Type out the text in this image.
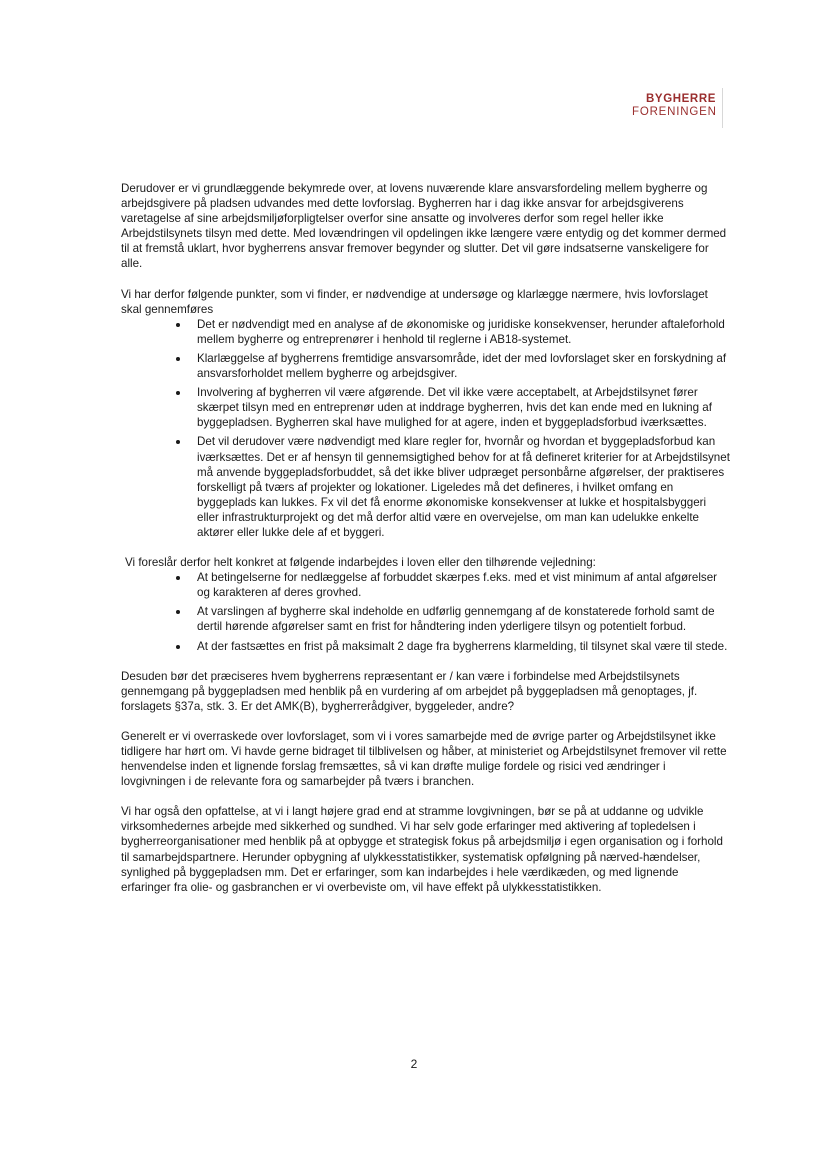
BYGHERRE
FORENINGEN

Derudover er vi grundlæggende bekymrede over, at lovens nuværende klare ansvarsfordeling mellem bygherre og arbejdsgivere på pladsen udvandes med dette lovforslag. Bygherren har i dag ikke ansvar for arbejdsgiverens varetagelse af sine arbejdsmiljøforpligtelser overfor sine ansatte og involveres derfor som regel heller ikke Arbejdstilsynets tilsyn med dette. Med lovændringen vil opdelingen ikke længere være entydig og det kommer dermed til at fremstå uklart, hvor bygherrens ansvar fremover begynder og slutter. Det vil gøre indsatserne vanskeligere for alle.

Vi har derfor følgende punkter, som vi finder, er nødvendige at undersøge og klarlægge nærmere, hvis lovforslaget skal gennemføres

Det er nødvendigt med en analyse af de økonomiske og juridiske konsekvenser, herunder aftaleforhold mellem bygherre og entreprenører i henhold til reglerne i AB18-systemet.
Klarlæggelse af bygherrens fremtidige ansvarsområde, idet der med lovforslaget sker en forskydning af ansvarsforholdet mellem bygherre og arbejdsgiver.
Involvering af bygherren vil være afgørende. Det vil ikke være acceptabelt, at Arbejdstilsynet fører skærpet tilsyn med en entreprenør uden at inddrage bygherren, hvis det kan ende med en lukning af byggepladsen. Bygherren skal have mulighed for at agere, inden et byggepladsforbud iværksættes.
Det vil derudover være nødvendigt med klare regler for, hvornår og hvordan et byggepladsforbud kan iværksættes. Det er af hensyn til gennemsigtighed behov for at få defineret kriterier for at Arbejdstilsynet må anvende byggepladsforbuddet, så det ikke bliver udpræget personbårne afgørelser, der praktiseres forskelligt på tværs af projekter og lokationer. Ligeledes må det defineres, i hvilket omfang en byggeplads kan lukkes. Fx vil det få enorme økonomiske konsekvenser at lukke et hospitalsbyggeri eller infrastrukturprojekt og det må derfor altid være en overvejelse, om man kan udelukke enkelte aktører eller lukke dele af et byggeri.

Vi foreslår derfor helt konkret at følgende indarbejdes i loven eller den tilhørende vejledning:

At betingelserne for nedlæggelse af forbuddet skærpes f.eks. med et vist minimum af antal afgørelser og karakteren af deres grovhed.
At varslingen af bygherre skal indeholde en udførlig gennemgang af de konstaterede forhold samt de dertil hørende afgørelser samt en frist for håndtering inden yderligere tilsyn og potentielt forbud.
At der fastsættes en frist på maksimalt 2 dage fra bygherrens klarmelding, til tilsynet skal være til stede.

Desuden bør det præciseres hvem bygherrens repræsentant er / kan være i forbindelse med Arbejdstilsynets gennemgang på byggepladsen med henblik på en vurdering af om arbejdet på byggepladsen må genoptages, jf. forslagets §37a, stk. 3. Er det AMK(B), bygherrerådgiver, byggeleder, andre?

Generelt er vi overraskede over lovforslaget, som vi i vores samarbejde med de øvrige parter og Arbejdstilsynet ikke tidligere har hørt om. Vi havde gerne bidraget til tilblivelsen og håber, at ministeriet og Arbejdstilsynet fremover vil rette henvendelse inden et lignende forslag fremsættes, så vi kan drøfte mulige fordele og risici ved ændringer i lovgivningen i de relevante fora og samarbejder på tværs i branchen.

Vi har også den opfattelse, at vi i langt højere grad end at stramme lovgivningen, bør se på at uddanne og udvikle virksomhedernes arbejde med sikkerhed og sundhed. Vi har selv gode erfaringer med aktivering af topledelsen i bygherreorganisationer med henblik på at opbygge et strategisk fokus på arbejdsmiljø i egen organisation og i forhold til samarbejdspartnere. Herunder opbygning af ulykkesstatistikker, systematisk opfølgning på nærved-hændelser, synlighed på byggepladsen mm. Det er erfaringer, som kan indarbejdes i hele værdikæden, og med lignende erfaringer fra olie- og gasbranchen er vi overbeviste om, vil have effekt på ulykkesstatistikken.

2
